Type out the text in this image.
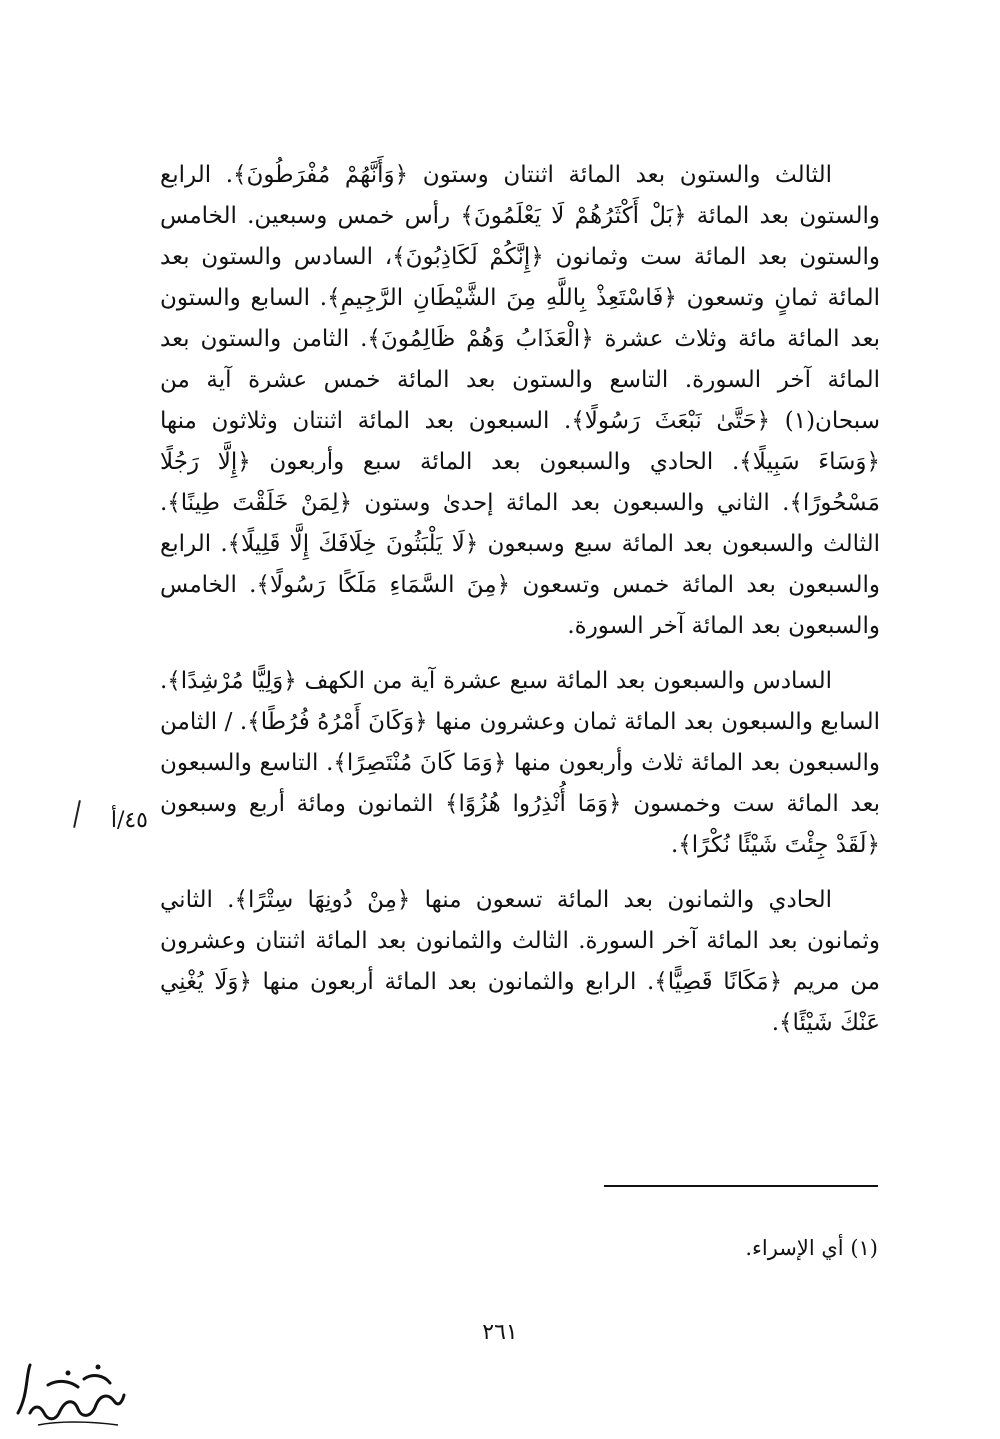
الثالث والستون بعد المائة اثنتان وستون ﴿وَأَنَّهُمْ مُفْرَطُونَ﴾. الرابع والستون بعد المائة ﴿بَلْ أَكْثَرُهُمْ لَا يَعْلَمُونَ﴾ رأس خمس وسبعين. الخامس والستون بعد المائة ست وثمانون ﴿إِنَّكُمْ لَكَاذِبُونَ﴾، السادس والستون بعد المائة ثمانٍ وتسعون ﴿فَاسْتَعِذْ بِاللَّهِ مِنَ الشَّيْطَانِ الرَّجِيمِ﴾. السابع والستون بعد المائة مائة وثلاث عشرة ﴿الْعَذَابُ وَهُمْ ظَالِمُونَ﴾. الثامن والستون بعد المائة آخر السورة. التاسع والستون بعد المائة خمس عشرة آية من سبحان(١) ﴿حَتَّىٰ نَبْعَثَ رَسُولًا﴾. السبعون بعد المائة اثنتان وثلاثون منها ﴿وَسَاءَ سَبِيلًا﴾. الحادي والسبعون بعد المائة سبع وأربعون ﴿إِلَّا رَجُلًا مَسْحُورًا﴾. الثاني والسبعون بعد المائة إحدىٰ وستون ﴿لِمَنْ خَلَقْتَ طِينًا﴾. الثالث والسبعون بعد المائة سبع وسبعون ﴿لَا يَلْبَثُونَ خِلَافَكَ إِلَّا قَلِيلًا﴾. الرابع والسبعون بعد المائة خمس وتسعون ﴿مِنَ السَّمَاءِ مَلَكًا رَسُولًا﴾. الخامس والسبعون بعد المائة آخر السورة.

السادس والسبعون بعد المائة سبع عشرة آية من الكهف ﴿وَلِيًّا مُرْشِدًا﴾. السابع والسبعون بعد المائة ثمان وعشرون منها ﴿وَكَانَ أَمْرُهُ فُرُطًا﴾. / الثامن والسبعون بعد المائة ثلاث وأربعون منها ﴿وَمَا كَانَ مُنْتَصِرًا﴾. التاسع والسبعون بعد المائة ست وخمسون ﴿وَمَا أُنْذِرُوا هُزُوًا﴾ الثمانون ومائة أربع وسبعون ﴿لَقَدْ جِئْتَ شَيْئًا نُكْرًا﴾.

الحادي والثمانون بعد المائة تسعون منها ﴿مِنْ دُونِهَا سِتْرًا﴾. الثاني وثمانون بعد المائة آخر السورة. الثالث والثمانون بعد المائة اثنتان وعشرون من مريم ﴿مَكَانًا قَصِيًّا﴾. الرابع والثمانون بعد المائة أربعون منها ﴿وَلَا يُغْنِي عَنْكَ شَيْئًا﴾.

٤٥/أ
(١) أي الإسراء.
٢٦١
